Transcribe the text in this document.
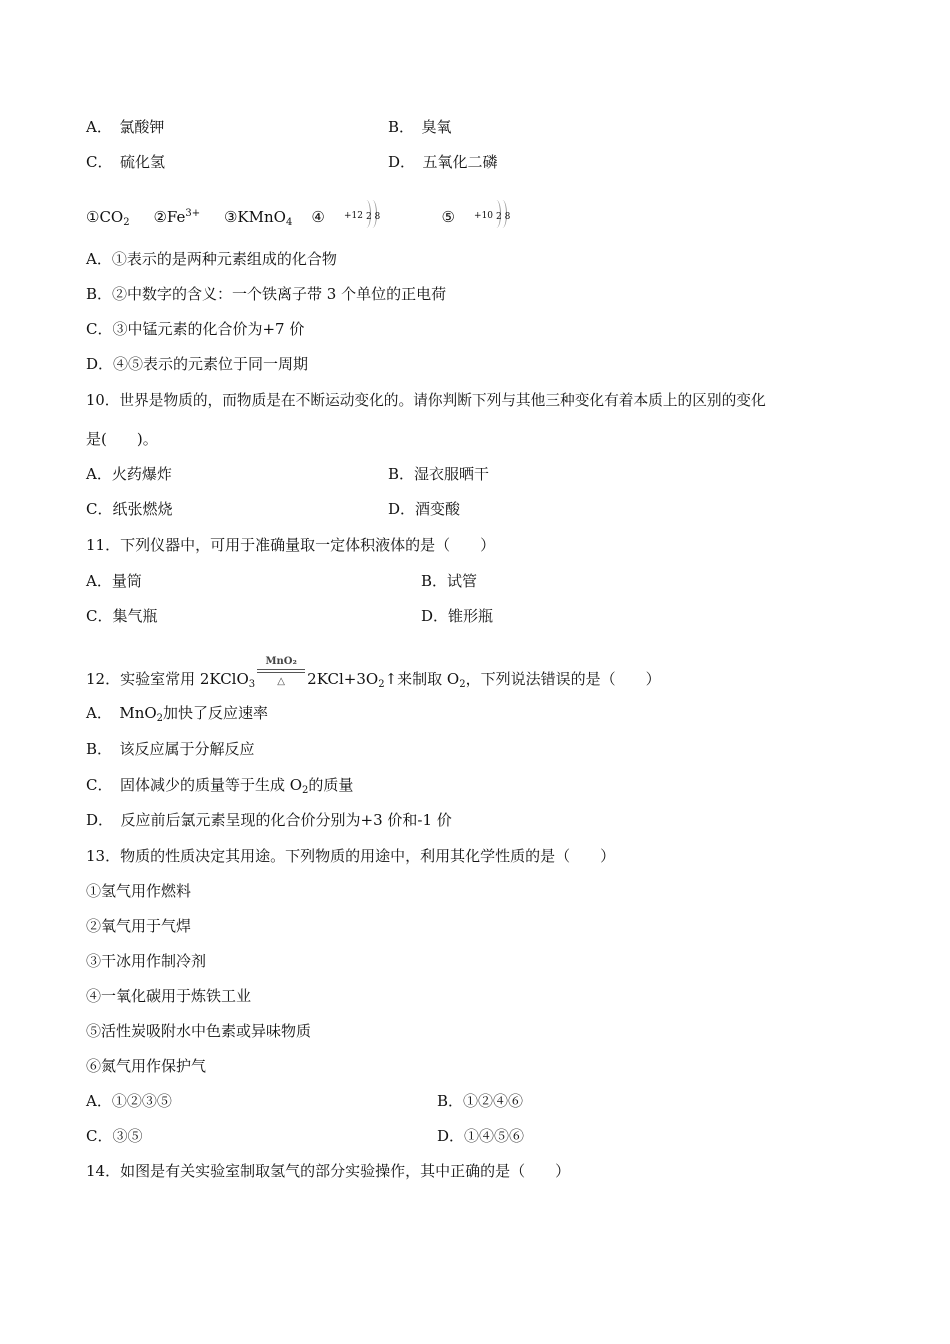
A．　氯酸钾	B．　臭氧
C．　硫化氢	D．　五氧化二磷
$①CO_2$ $②Fe^{3+}$ ③KMnO$_4$ ④ +12 2 8	⑤ +10 2 8
A．①表示的是两种元素组成的化合物
B．②中数字的含义：一个铁离子带 3 个单位的正电荷
C．③中锰元素的化合价为+7 价
D．④⑤表示的元素位于同一周期
10．世界是物质的，而物质是在不断运动变化的。请你判断下列与其他三种变化有着本质上的区别的变化
是(　　)。
A．火药爆炸	B．湿衣服晒干
C．纸张燃烧	D．酒变酸
11．下列仪器中，可用于准确量取一定体积液体的是（　　）
A．量筒	B．试管
C．集气瓶	D．锥形瓶
12．实验室常用 2KClO$_3$
MnO₂
△	$2KCl+3O_2↑$来制取 $O_2$，下列说法错误的是（　　）
A．　MnO$_2$加快了反应速率
B．　该反应属于分解反应
C．　固体减少的质量等于生成 $O_2$的质量
D．　反应前后氯元素呈现的化合价分别为+3 价和-1 价
13．物质的性质决定其用途。下列物质的用途中，利用其化学性质的是（　　）
①氢气用作燃料
②氧气用于气焊
③干冰用作制冷剂
④一氧化碳用于炼铁工业
⑤活性炭吸附水中色素或异味物质
⑥氮气用作保护气
A．①②③⑤	B．①②④⑥
C．③⑤	D．①④⑤⑥
14．如图是有关实验室制取氢气的部分实验操作，其中正确的是（　　）
